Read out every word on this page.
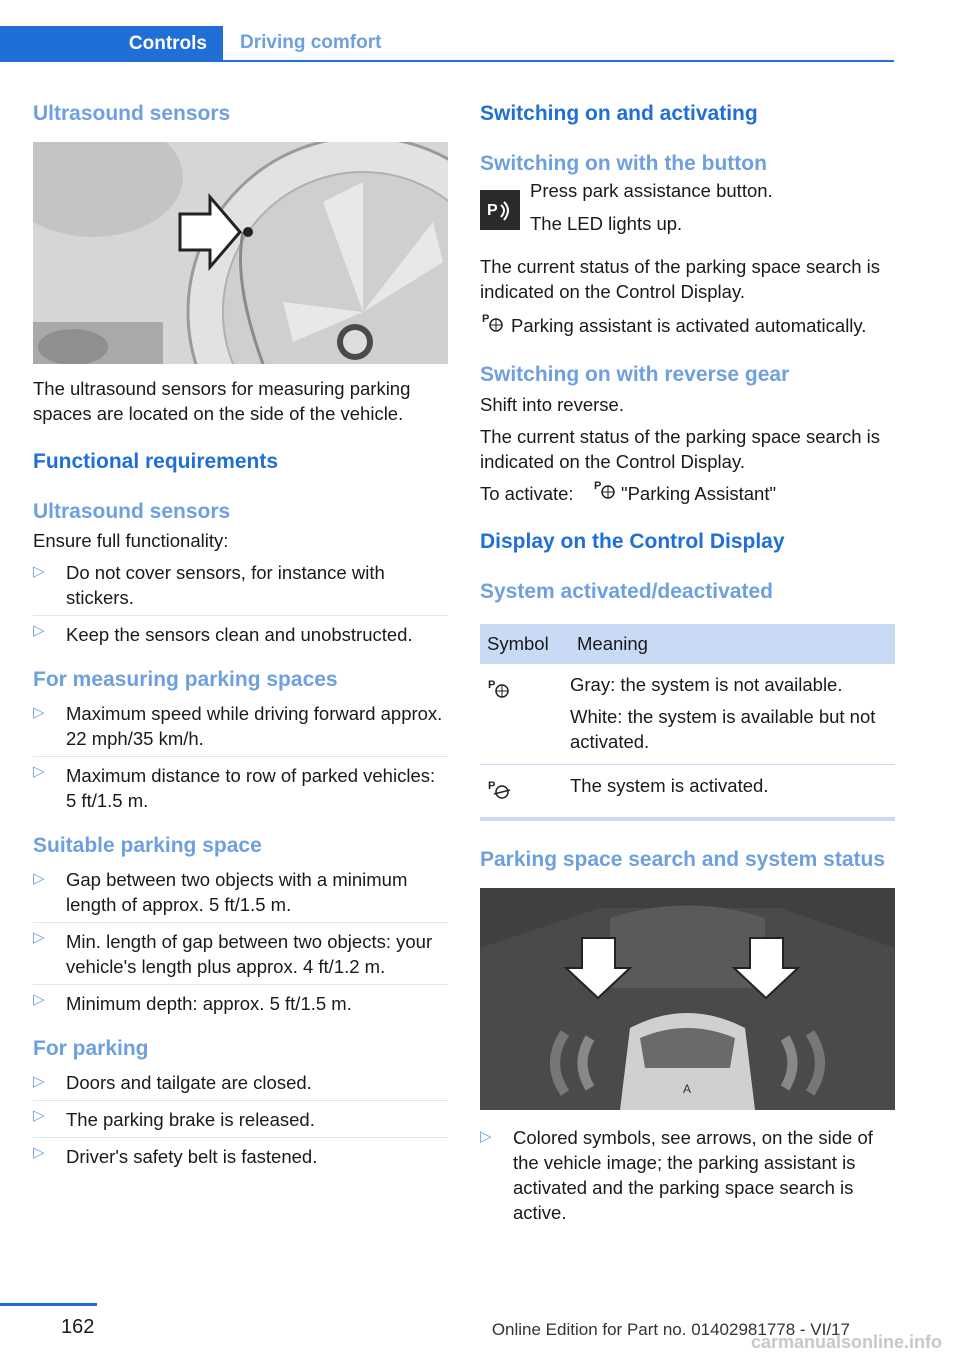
Controls	Driving comfort
Ultrasound sensors

The ultrasound sensors for measuring parking spaces are located on the side of the vehicle.

Functional requirements
Ultrasound sensors

Ensure full functionality:

▷ Do not cover sensors, for instance with stickers.
▷ Keep the sensors clean and unobstructed.
For measuring parking spaces
▷ Maximum speed while driving forward approx. 22 mph/35 km/h.
▷ Maximum distance to row of parked vehicles: 5 ft/1.5 m.
Suitable parking space
▷ Gap between two objects with a minimum length of approx. 5 ft/1.5 m.
▷ Min. length of gap between two objects: your vehicle's length plus approx. 4 ft/1.2 m.
▷ Minimum depth: approx. 5 ft/1.5 m.
For parking
▷ Doors and tailgate are closed.
▷ The parking brake is released.
▷ Driver's safety belt is fastened.
Switching on and activating
Switching on with the button
P

Press park assistance button.

The LED lights up.

The current status of the parking space search is indicated on the Control Display.

P Parking assistant is activated automatically.

Switching on with reverse gear

Shift into reverse.

The current status of the parking space search is indicated on the Control Display.

To activate: P "Parking Assistant"
Display on the Control Display
System activated/deactivated
Symbol	Meaning

P	Gray: the system is not available.
White: the system is available but not activated.

P	The system is activated.
Parking space search and system status
A
▷ Colored symbols, see arrows, on the side of the vehicle image; the parking assistant is activated and the parking space search is active.
162	Online Edition for Part no. 01402981778 - VI/17
carmanualsonline.info
